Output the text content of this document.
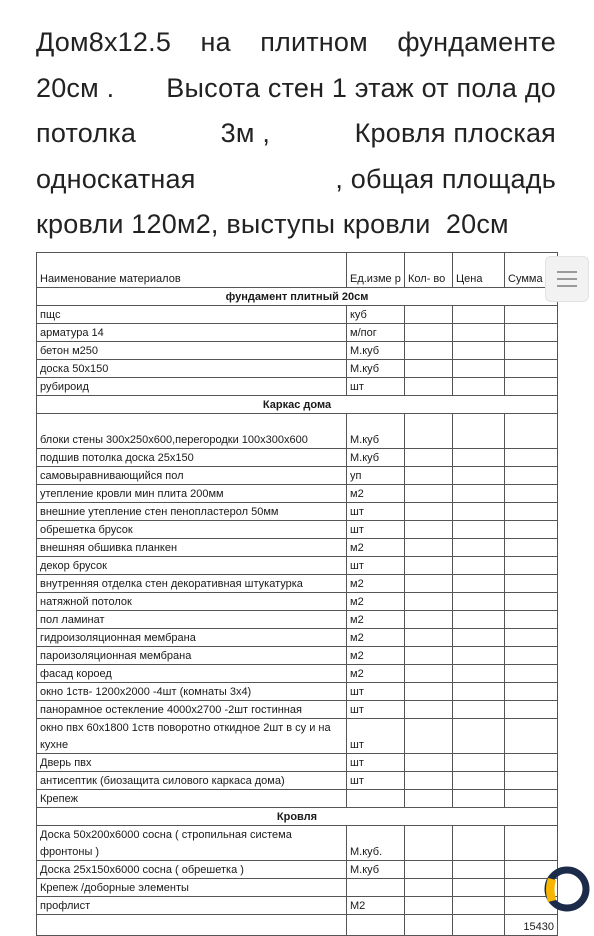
Дом8х12.5 на плитном фундаменте
20см . Высота стен 1 этаж от пола до
потолка	3м ,	Кровля плоская
односкатная	, общая площадь
кровли 120м2, выступы кровли  20см
Наименование материалов	Ед.изме р	Кол- во	Цена	Сумма
фундамент плитный 20см				
пщс	куб			
арматура 14	м/пог			
бетон м250	М.куб			
доска 50х150	М.куб			
рубироид	шт			
Каркас дома				
блоки стены 300х250х600,перегородки 100х300х600	М.куб			
подшив потолка доска 25х150	М.куб			
самовыравнивающийся пол	уп			
утепление кровли мин плита 200мм	м2			
внешние утепление стен пенопластерол 50мм	шт			
обрешетка брусок	шт			
внешняя обшивка планкен	м2			
декор брусок	шт			
внутренняя отделка стен декоративная штукатурка	м2			
натяжной потолок	м2			
пол ламинат	м2			
гидроизоляционная мембрана	м2			
пароизоляционная мембрана	м2			
фасад короед	м2			
окно 1ств- 1200х2000 -4шт (комнаты 3х4)	шт			
панорамное остекление 4000х2700 -2шт гостинная	шт			
окно пвх 60х1800 1ств поворотно откидное 2шт в су и на кухне	шт			
Дверь пвх	шт			
антисептик (биозащита силового каркаса дома)	шт			
Крепеж				
Кровля				
Доска 50х200х6000 сосна ( стропильная система фронтоны )	М.куб.			
Доска 25х150х6000 сосна ( обрешетка )	М.куб			
Крепеж /доборные элементы				
профлист	М2			
				15430
